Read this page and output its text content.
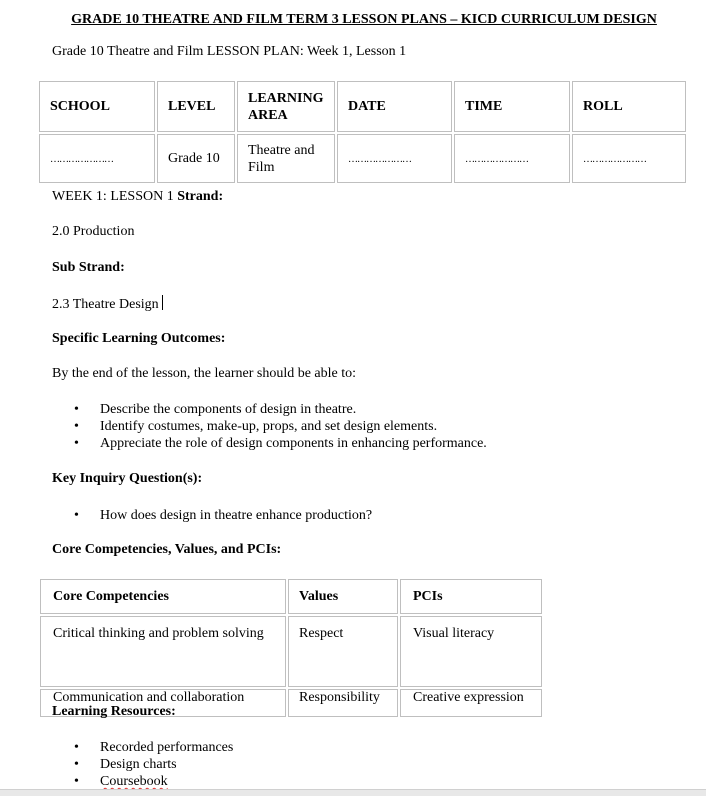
GRADE 10 THEATRE AND FILM TERM 3 LESSON PLANS – KICD CURRICULUM DESIGN
Grade 10 Theatre and Film LESSON PLAN: Week 1, Lesson 1
SCHOOL	LEVEL	LEARNING AREA	DATE	TIME	ROLL
…………………	Grade 10	Theatre and Film	…………………	…………………	…………………
WEEK 1: LESSON 1 Strand:
2.0 Production
Sub Strand:
2.3 Theatre Design
Specific Learning Outcomes:
By the end of the lesson, the learner should be able to:
• Describe the components of design in theatre.
• Identify costumes, make-up, props, and set design elements.
• Appreciate the role of design components in enhancing performance.
Key Inquiry Question(s):
• How does design in theatre enhance production?
Core Competencies, Values, and PCIs:
Core Competencies	Values	PCIs
Critical thinking and problem solving	Respect	Visual literacy
Communication and collaboration	Responsibility	Creative expression
Learning Resources:
• Recorded performances
• Design charts
• Coursebook
